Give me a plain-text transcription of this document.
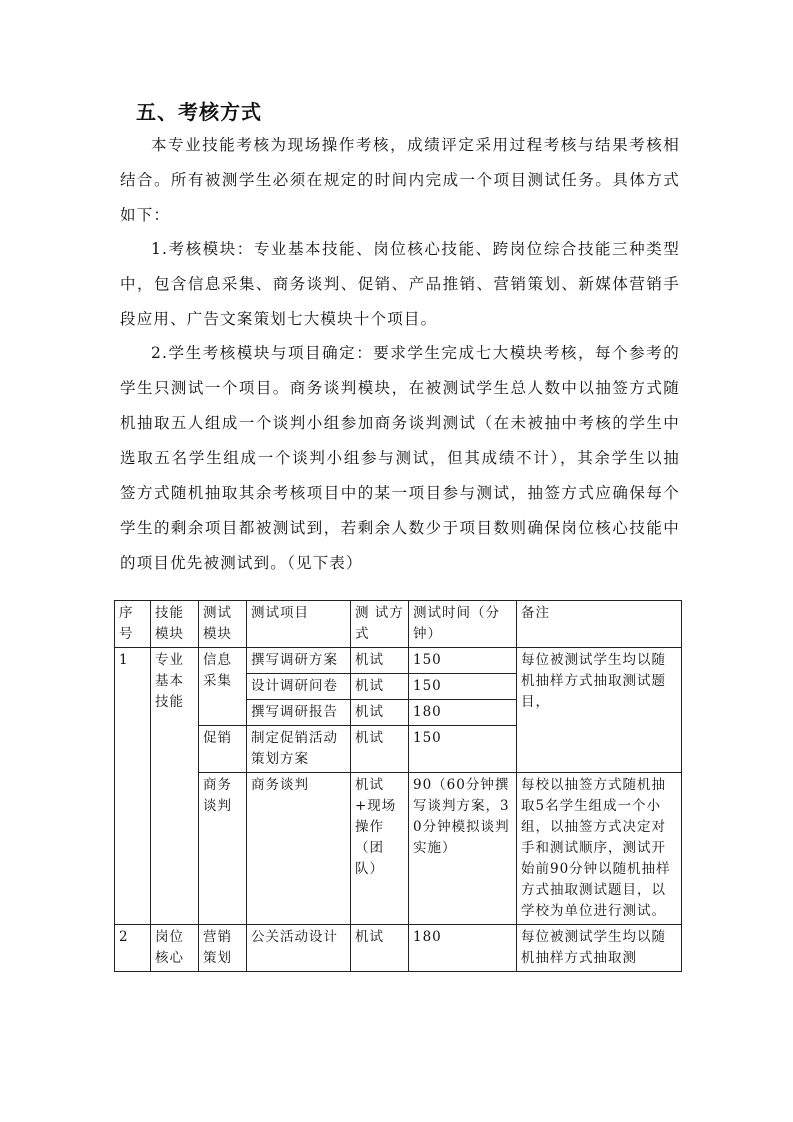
五、考核方式
本专业技能考核为现场操作考核，成绩评定采用过程考核与结果考核相结合。所有被测学生必须在规定的时间内完成一个项目测试任务。具体方式如下：
1.考核模块：专业基本技能、岗位核心技能、跨岗位综合技能三种类型中，包含信息采集、商务谈判、促销、产品推销、营销策划、新媒体营销手段应用、广告文案策划七大模块十个项目。
2.学生考核模块与项目确定：要求学生完成七大模块考核，每个参考的学生只测试一个项目。商务谈判模块，在被测试学生总人数中以抽签方式随机抽取五人组成一个谈判小组参加商务谈判测试（在未被抽中考核的学生中选取五名学生组成一个谈判小组参与测试，但其成绩不计），其余学生以抽签方式随机抽取其余考核项目中的某一项目参与测试，抽签方式应确保每个学生的剩余项目都被测试到，若剩余人数少于项目数则确保岗位核心技能中的项目优先被测试到。（见下表）
序号	技能模块	测试模块	测试项目	测 试方式	测试时间（分钟）	备注
1	专业基本技能	信息采集	撰写调研方案	机试	150	每位被测试学生均以随机抽样方式抽取测试题目，
			设计调研问卷	机试	150	
			撰写调研报告	机试	180	
		促销	制定促销活动策划方案	机试	150	
		商务谈判	商务谈判	机试+现场操作（团队）	90（60分钟撰写谈判方案，30分钟模拟谈判实施）	每校以抽签方式随机抽取5名学生组成一个小组，以抽签方式决定对手和测试顺序，测试开始前90分钟以随机抽样方式抽取测试题目，以学校为单位进行测试。
2	岗位核心	营销策划	公关活动设计	机试	180	每位被测试学生均以随机抽样方式抽取测
